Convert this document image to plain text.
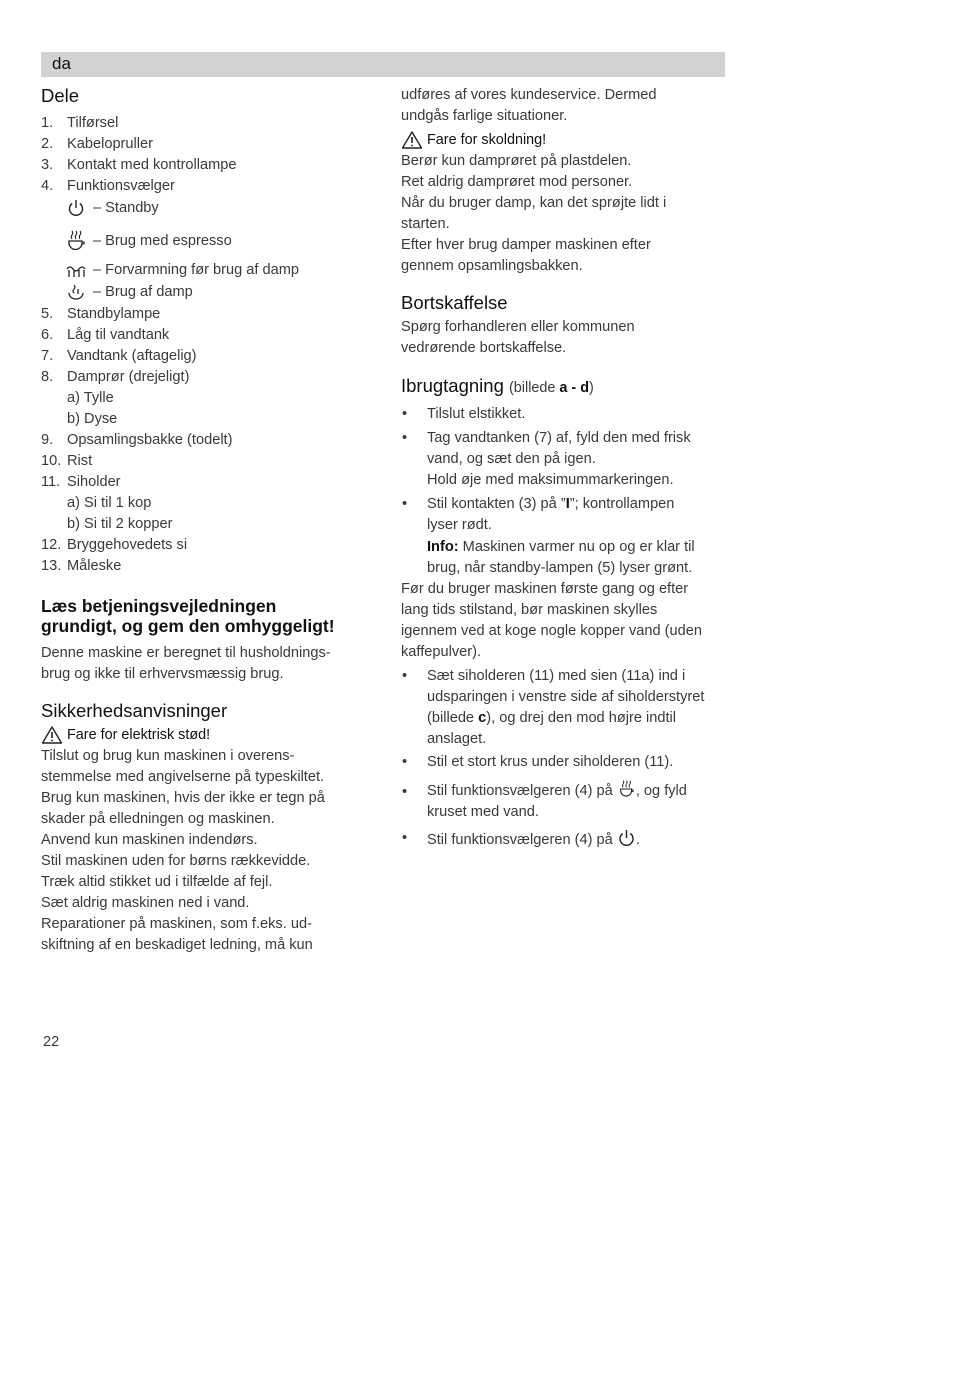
da
Dele
1. Tilførsel
2. Kabelopruller
3. Kontakt med kontrollampe
4. Funktionsvælger
– Standby
– Brug med espresso
– Forvarmning før brug af damp
– Brug af damp
5. Standbylampe
6. Låg til vandtank
7. Vandtank (aftagelig)
8. Damprør (drejeligt)
a) Tylle
b) Dyse
9. Opsamlingsbakke (todelt)
10. Rist
11. Siholder
a) Si til 1 kop
b) Si til 2 kopper
12. Bryggehovedets si
13. Måleske
Læs betjeningsvejledningen grundigt, og gem den omhyggeligt!

Denne maskine er beregnet til husholdnings-

brug og ikke til erhvervsmæssig brug.

Sikkerhedsanvisninger
Fare for elektrisk stød!

Tilslut og brug kun maskinen i overens-

stemmelse med angivelserne på typeskiltet.

Brug kun maskinen, hvis der ikke er tegn på

skader på elledningen og maskinen.

Anvend kun maskinen indendørs.

Stil maskinen uden for børns rækkevidde.

Træk altid stikket ud i tilfælde af fejl.

Sæt aldrig maskinen ned i vand.

Reparationer på maskinen, som f.eks. ud-

skiftning af en beskadiget ledning, må kun

udføres af vores kundeservice. Dermed

undgås farlige situationer.

Fare for skoldning!

Berør kun damprøret på plastdelen.

Ret aldrig damprøret mod personer.

Når du bruger damp, kan det sprøjte lidt i

starten.

Efter hver brug damper maskinen efter

gennem opsamlingsbakken.

Bortskaffelse

Spørg forhandleren eller kommunen

vedrørende bortskaffelse.

Ibrugtagning (billede a - d)
• Tilslut elstikket.
• Tag vandtanken (7) af, fyld den med frisk
vand, og sæt den på igen.
Hold øje med maksimummarkeringen.
• Stil kontakten (3) på ”I”; kontrollampen
lyser rødt.
Info: Maskinen varmer nu op og er klar til
brug, når standby-lampen (5) lyser grønt.

Før du bruger maskinen første gang og efter

lang tids stilstand, bør maskinen skylles

igennem ved at koge nogle kopper vand (uden

kaffepulver).

• Sæt siholderen (11) med sien (11a) ind i
udsparingen i venstre side af siholderstyret
(billede c), og drej den mod højre indtil
anslaget.
• Stil et stort krus under siholderen (11).
• Stil funktionsvælgeren (4) på , og fyld
kruset med vand.
• Stil funktionsvælgeren (4) på .
22
